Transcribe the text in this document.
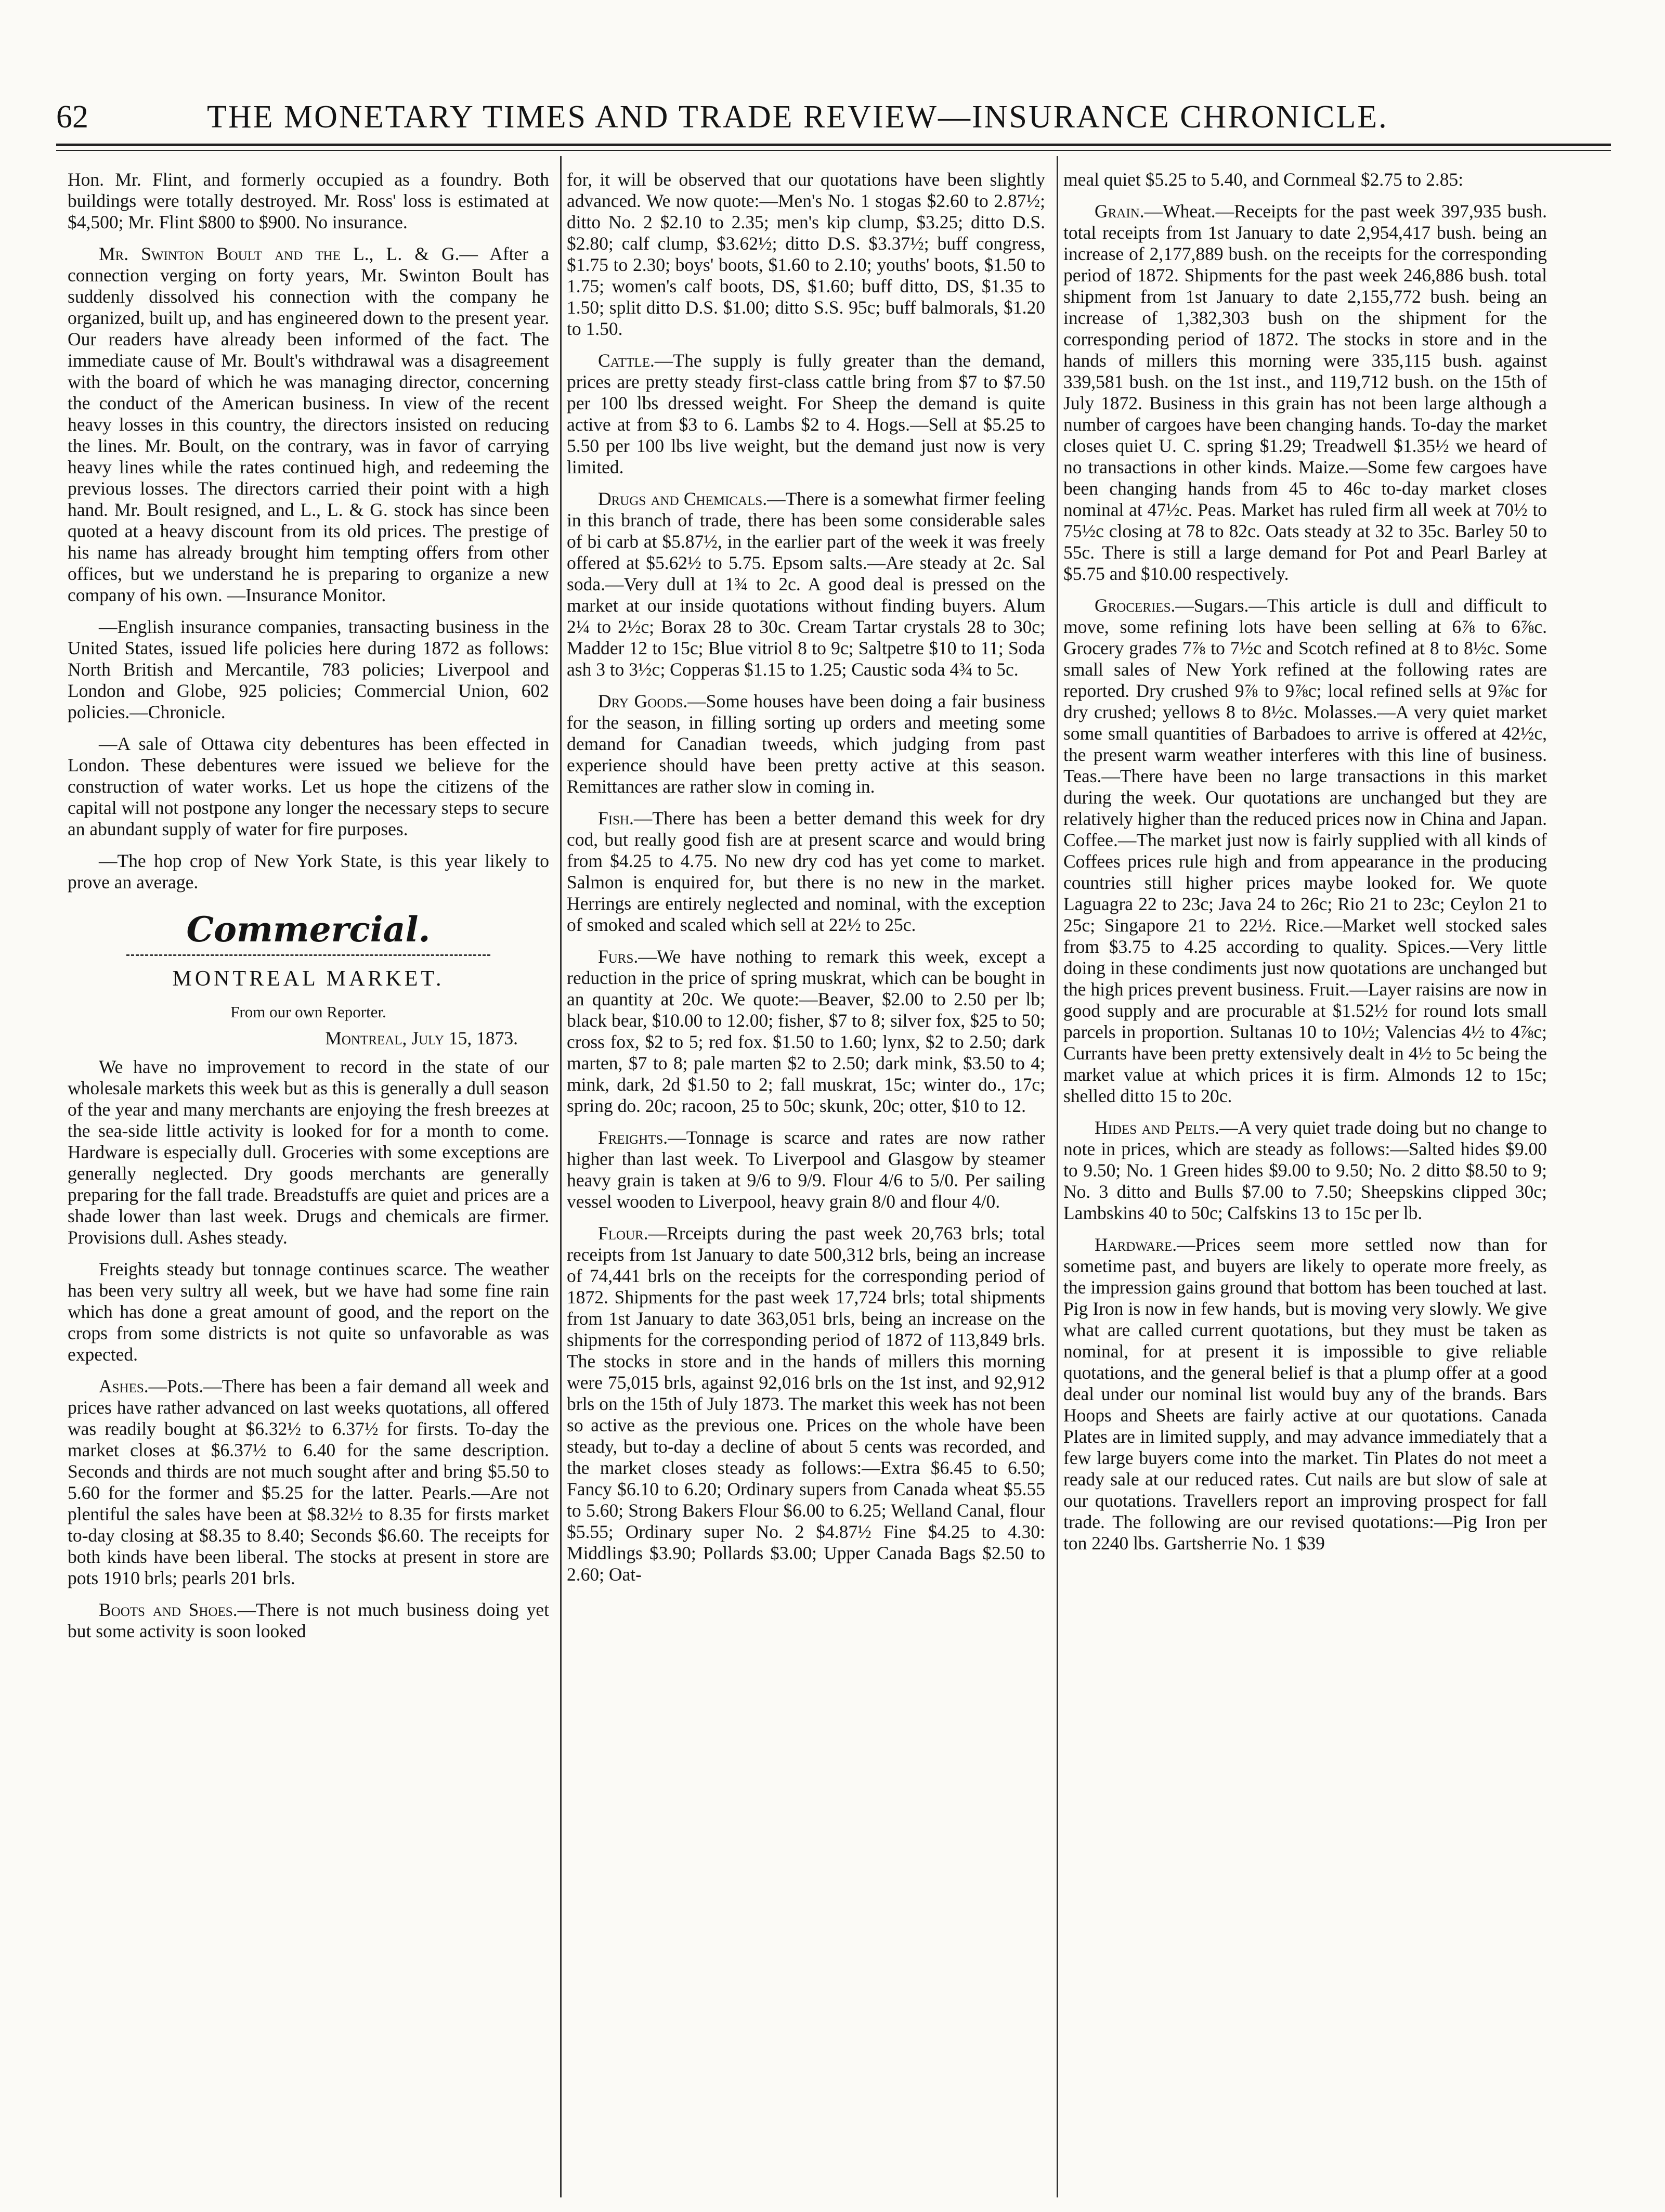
62	THE MONETARY TIMES AND TRADE REVIEW—INSURANCE CHRONICLE.

Hon. Mr. Flint, and formerly occupied as a foundry. Both buildings were totally destroyed. Mr. Ross' loss is estimated at $4,500; Mr. Flint $800 to $900. No insurance.

Mr. Swinton Boult and the L., L. & G.— After a connection verging on forty years, Mr. Swinton Boult has suddenly dissolved his connection with the company he organized, built up, and has engineered down to the present year. Our readers have already been informed of the fact. The immediate cause of Mr. Boult's withdrawal was a disagreement with the board of which he was managing director, concerning the conduct of the American business. In view of the recent heavy losses in this country, the directors insisted on reducing the lines. Mr. Boult, on the contrary, was in favor of carrying heavy lines while the rates continued high, and redeeming the previous losses. The directors carried their point with a high hand. Mr. Boult resigned, and L., L. & G. stock has since been quoted at a heavy discount from its old prices. The prestige of his name has already brought him tempting offers from other offices, but we understand he is preparing to organize a new company of his own. —Insurance Monitor.

—English insurance companies, transacting business in the United States, issued life policies here during 1872 as follows: North British and Mercantile, 783 policies; Liverpool and London and Globe, 925 policies; Commercial Union, 602 policies.—Chronicle.

—A sale of Ottawa city debentures has been effected in London. These debentures were issued we believe for the construction of water works. Let us hope the citizens of the capital will not postpone any longer the necessary steps to secure an abundant supply of water for fire purposes.

—The hop crop of New York State, is this year likely to prove an average.

Commercial.
MONTREAL MARKET.
From our own Reporter.
Montreal, July 15, 1873.

We have no improvement to record in the state of our wholesale markets this week but as this is generally a dull season of the year and many merchants are enjoying the fresh breezes at the sea-side little activity is looked for for a month to come. Hardware is especially dull. Groceries with some exceptions are generally neglected. Dry goods merchants are generally preparing for the fall trade. Breadstuffs are quiet and prices are a shade lower than last week. Drugs and chemicals are firmer. Provisions dull. Ashes steady.

Freights steady but tonnage continues scarce. The weather has been very sultry all week, but we have had some fine rain which has done a great amount of good, and the report on the crops from some districts is not quite so unfavorable as was expected.

Ashes.—Pots.—There has been a fair demand all week and prices have rather advanced on last weeks quotations, all offered was readily bought at $6.32½ to 6.37½ for firsts. To-day the market closes at $6.37½ to 6.40 for the same description. Seconds and thirds are not much sought after and bring $5.50 to 5.60 for the former and $5.25 for the latter. Pearls.—Are not plentiful the sales have been at $8.32½ to 8.35 for firsts market to-day closing at $8.35 to 8.40; Seconds $6.60. The receipts for both kinds have been liberal. The stocks at present in store are pots 1910 brls; pearls 201 brls.

Boots and Shoes.—There is not much business doing yet but some activity is soon looked

for, it will be observed that our quotations have been slightly advanced. We now quote:—Men's No. 1 stogas $2.60 to 2.87½; ditto No. 2 $2.10 to 2.35; men's kip clump, $3.25; ditto D.S. $2.80; calf clump, $3.62½; ditto D.S. $3.37½; buff congress, $1.75 to 2.30; boys' boots, $1.60 to 2.10; youths' boots, $1.50 to 1.75; women's calf boots, DS, $1.60; buff ditto, DS, $1.35 to 1.50; split ditto D.S. $1.00; ditto S.S. 95c; buff balmorals, $1.20 to 1.50.

Cattle.—The supply is fully greater than the demand, prices are pretty steady first-class cattle bring from $7 to $7.50 per 100 lbs dressed weight. For Sheep the demand is quite active at from $3 to 6. Lambs $2 to 4. Hogs.—Sell at $5.25 to 5.50 per 100 lbs live weight, but the demand just now is very limited.

Drugs and Chemicals.—There is a somewhat firmer feeling in this branch of trade, there has been some considerable sales of bi carb at $5.87½, in the earlier part of the week it was freely offered at $5.62½ to 5.75. Epsom salts.—Are steady at 2c. Sal soda.—Very dull at 1¾ to 2c. A good deal is pressed on the market at our inside quotations without finding buyers. Alum 2¼ to 2½c; Borax 28 to 30c. Cream Tartar crystals 28 to 30c; Madder 12 to 15c; Blue vitriol 8 to 9c; Saltpetre $10 to 11; Soda ash 3 to 3½c; Copperas $1.15 to 1.25; Caustic soda 4¾ to 5c.

Dry Goods.—Some houses have been doing a fair business for the season, in filling sorting up orders and meeting some demand for Canadian tweeds, which judging from past experience should have been pretty active at this season. Remittances are rather slow in coming in.

Fish.—There has been a better demand this week for dry cod, but really good fish are at present scarce and would bring from $4.25 to 4.75. No new dry cod has yet come to market. Salmon is enquired for, but there is no new in the market. Herrings are entirely neglected and nominal, with the exception of smoked and scaled which sell at 22½ to 25c.

Furs.—We have nothing to remark this week, except a reduction in the price of spring muskrat, which can be bought in an quantity at 20c. We quote:—Beaver, $2.00 to 2.50 per lb; black bear, $10.00 to 12.00; fisher, $7 to 8; silver fox, $25 to 50; cross fox, $2 to 5; red fox. $1.50 to 1.60; lynx, $2 to 2.50; dark marten, $7 to 8; pale marten $2 to 2.50; dark mink, $3.50 to 4; mink, dark, 2d $1.50 to 2; fall muskrat, 15c; winter do., 17c; spring do. 20c; racoon, 25 to 50c; skunk, 20c; otter, $10 to 12.

Freights.—Tonnage is scarce and rates are now rather higher than last week. To Liverpool and Glasgow by steamer heavy grain is taken at 9/6 to 9/9. Flour 4/6 to 5/0. Per sailing vessel wooden to Liverpool, heavy grain 8/0 and flour 4/0.

Flour.—Rrceipts during the past week 20,763 brls; total receipts from 1st January to date 500,312 brls, being an increase of 74,441 brls on the receipts for the corresponding period of 1872. Shipments for the past week 17,724 brls; total shipments from 1st January to date 363,051 brls, being an increase on the shipments for the corresponding period of 1872 of 113,849 brls. The stocks in store and in the hands of millers this morning were 75,015 brls, against 92,016 brls on the 1st inst, and 92,912 brls on the 15th of July 1873. The market this week has not been so active as the previous one. Prices on the whole have been steady, but to-day a decline of about 5 cents was recorded, and the market closes steady as follows:—Extra $6.45 to 6.50; Fancy $6.10 to 6.20; Ordinary supers from Canada wheat $5.55 to 5.60; Strong Bakers Flour $6.00 to 6.25; Welland Canal, flour $5.55; Ordinary super No. 2 $4.87½ Fine $4.25 to 4.30: Middlings $3.90; Pollards $3.00; Upper Canada Bags $2.50 to 2.60; Oat-

meal quiet $5.25 to 5.40, and Cornmeal $2.75 to 2.85:

Grain.—Wheat.—Receipts for the past week 397,935 bush. total receipts from 1st January to date 2,954,417 bush. being an increase of 2,177,889 bush. on the receipts for the corresponding period of 1872. Shipments for the past week 246,886 bush. total shipment from 1st January to date 2,155,772 bush. being an increase of 1,382,303 bush on the shipment for the corresponding period of 1872. The stocks in store and in the hands of millers this morning were 335,115 bush. against 339,581 bush. on the 1st inst., and 119,712 bush. on the 15th of July 1872. Business in this grain has not been large although a number of cargoes have been changing hands. To-day the market closes quiet U. C. spring $1.29; Treadwell $1.35½ we heard of no transactions in other kinds. Maize.—Some few cargoes have been changing hands from 45 to 46c to-day market closes nominal at 47½c. Peas. Market has ruled firm all week at 70½ to 75½c closing at 78 to 82c. Oats steady at 32 to 35c. Barley 50 to 55c. There is still a large demand for Pot and Pearl Barley at $5.75 and $10.00 respectively.

Groceries.—Sugars.—This article is dull and difficult to move, some refining lots have been selling at 6⅞ to 6⅞c. Grocery grades 7⅞ to 7½c and Scotch refined at 8 to 8½c. Some small sales of New York refined at the following rates are reported. Dry crushed 9⅞ to 9⅞c; local refined sells at 9⅞c for dry crushed; yellows 8 to 8½c. Molasses.—A very quiet market some small quantities of Barbadoes to arrive is offered at 42½c, the present warm weather interferes with this line of business. Teas.—There have been no large transactions in this market during the week. Our quotations are unchanged but they are relatively higher than the reduced prices now in China and Japan. Coffee.—The market just now is fairly supplied with all kinds of Coffees prices rule high and from appearance in the producing countries still higher prices maybe looked for. We quote Laguagra 22 to 23c; Java 24 to 26c; Rio 21 to 23c; Ceylon 21 to 25c; Singapore 21 to 22½. Rice.—Market well stocked sales from $3.75 to 4.25 according to quality. Spices.—Very little doing in these condiments just now quotations are unchanged but the high prices prevent business. Fruit.—Layer raisins are now in good supply and are procurable at $1.52½ for round lots small parcels in proportion. Sultanas 10 to 10½; Valencias 4½ to 4⅞c; Currants have been pretty extensively dealt in 4½ to 5c being the market value at which prices it is firm. Almonds 12 to 15c; shelled ditto 15 to 20c.

Hides and Pelts.—A very quiet trade doing but no change to note in prices, which are steady as follows:—Salted hides $9.00 to 9.50; No. 1 Green hides $9.00 to 9.50; No. 2 ditto $8.50 to 9; No. 3 ditto and Bulls $7.00 to 7.50; Sheepskins clipped 30c; Lambskins 40 to 50c; Calfskins 13 to 15c per lb.

Hardware.—Prices seem more settled now than for sometime past, and buyers are likely to operate more freely, as the impression gains ground that bottom has been touched at last. Pig Iron is now in few hands, but is moving very slowly. We give what are called current quotations, but they must be taken as nominal, for at present it is impossible to give reliable quotations, and the general belief is that a plump offer at a good deal under our nominal list would buy any of the brands. Bars Hoops and Sheets are fairly active at our quotations. Canada Plates are in limited supply, and may advance immediately that a few large buyers come into the market. Tin Plates do not meet a ready sale at our reduced rates. Cut nails are but slow of sale at our quotations. Travellers report an improving prospect for fall trade. The following are our revised quotations:—Pig Iron per ton 2240 lbs. Gartsherrie No. 1 $39
